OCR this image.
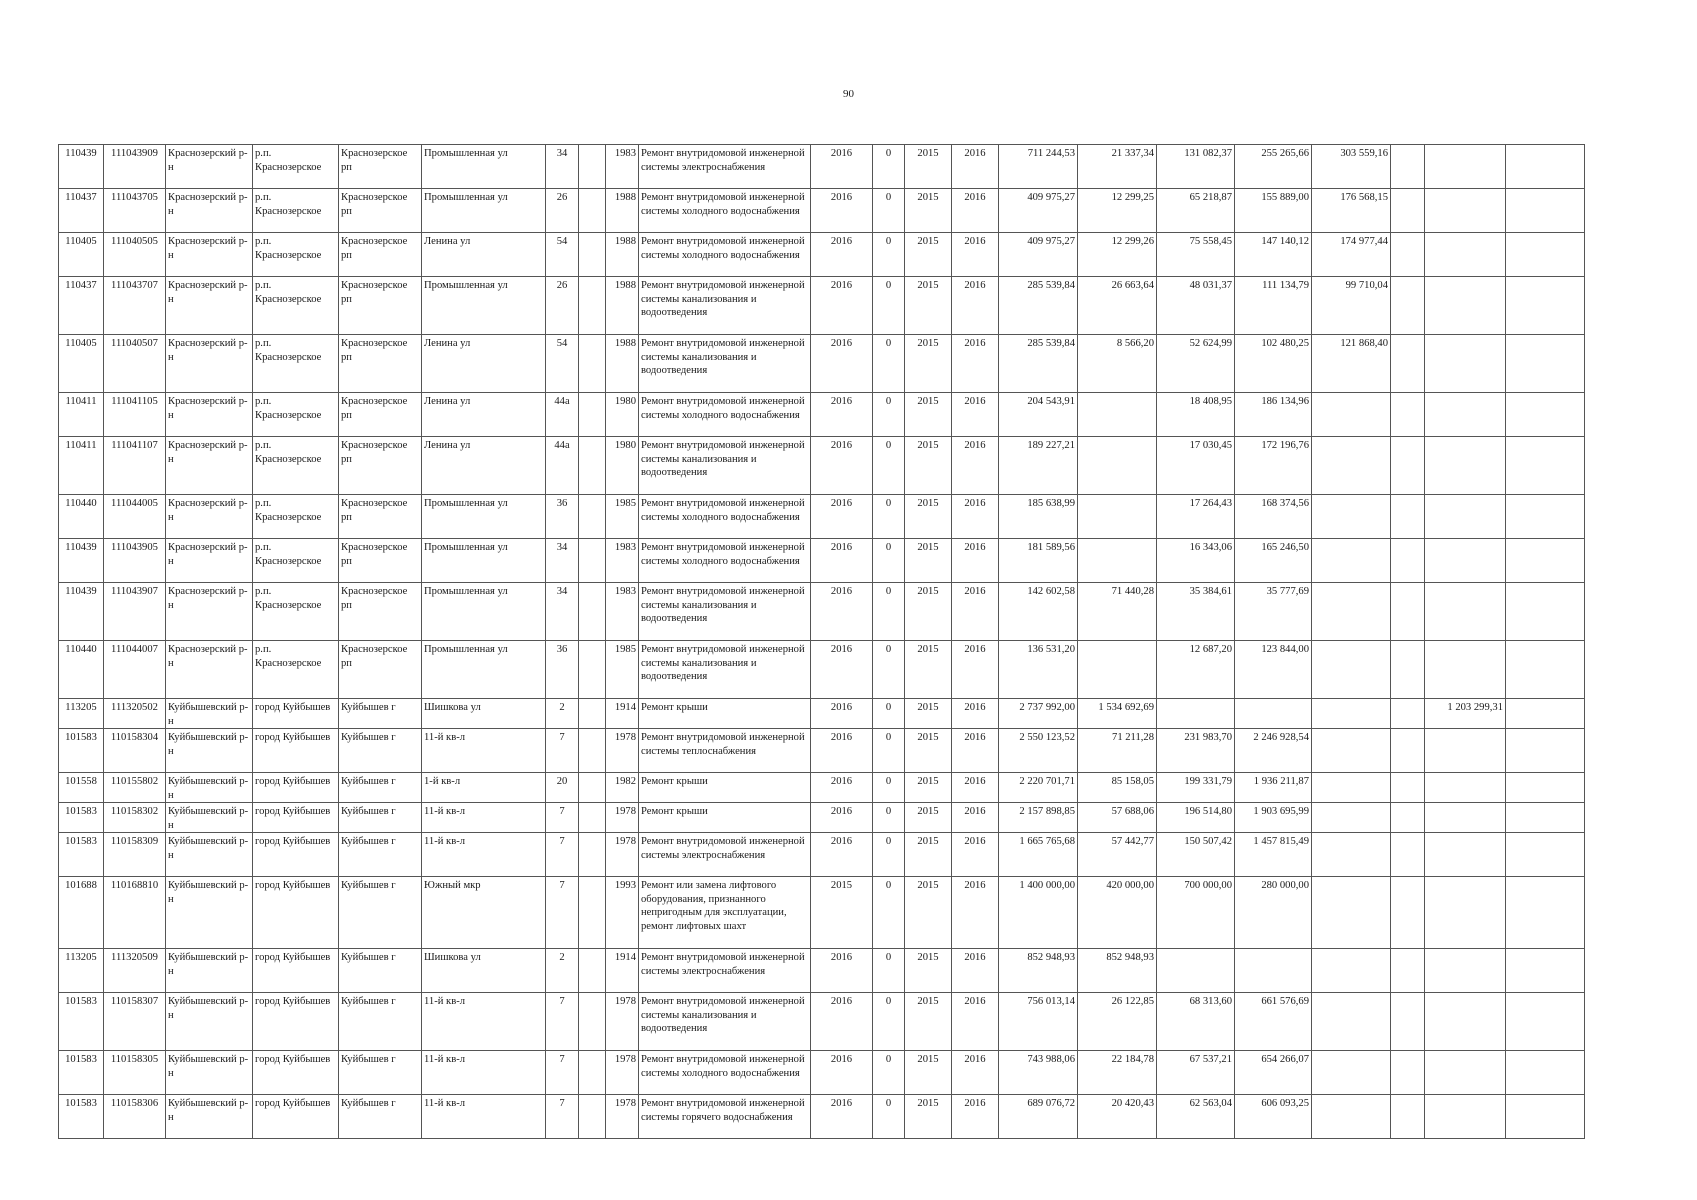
90
110439	111043909	Краснозерский р-н	р.п. Краснозерское	Краснозерское рп	Промышленная ул	34		1983	Ремонт внутридомовой инженерной системы электроснабжения	2016	0	2015	2016	711 244,53	21 337,34	131 082,37	255 265,66	303 559,16			
110437	111043705	Краснозерский р-н	р.п. Краснозерское	Краснозерское рп	Промышленная ул	26		1988	Ремонт внутридомовой инженерной системы холодного водоснабжения	2016	0	2015	2016	409 975,27	12 299,25	65 218,87	155 889,00	176 568,15			
110405	111040505	Краснозерский р-н	р.п. Краснозерское	Краснозерское рп	Ленина ул	54		1988	Ремонт внутридомовой инженерной системы холодного водоснабжения	2016	0	2015	2016	409 975,27	12 299,26	75 558,45	147 140,12	174 977,44			
110437	111043707	Краснозерский р-н	р.п. Краснозерское	Краснозерское рп	Промышленная ул	26		1988	Ремонт внутридомовой инженерной системы канализования и водоотведения	2016	0	2015	2016	285 539,84	26 663,64	48 031,37	111 134,79	99 710,04			
110405	111040507	Краснозерский р-н	р.п. Краснозерское	Краснозерское рп	Ленина ул	54		1988	Ремонт внутридомовой инженерной системы канализования и водоотведения	2016	0	2015	2016	285 539,84	8 566,20	52 624,99	102 480,25	121 868,40			
110411	111041105	Краснозерский р-н	р.п. Краснозерское	Краснозерское рп	Ленина ул	44а		1980	Ремонт внутридомовой инженерной системы холодного водоснабжения	2016	0	2015	2016	204 543,91		18 408,95	186 134,96				
110411	111041107	Краснозерский р-н	р.п. Краснозерское	Краснозерское рп	Ленина ул	44а		1980	Ремонт внутридомовой инженерной системы канализования и водоотведения	2016	0	2015	2016	189 227,21		17 030,45	172 196,76				
110440	111044005	Краснозерский р-н	р.п. Краснозерское	Краснозерское рп	Промышленная ул	36		1985	Ремонт внутридомовой инженерной системы холодного водоснабжения	2016	0	2015	2016	185 638,99		17 264,43	168 374,56				
110439	111043905	Краснозерский р-н	р.п. Краснозерское	Краснозерское рп	Промышленная ул	34		1983	Ремонт внутридомовой инженерной системы холодного водоснабжения	2016	0	2015	2016	181 589,56		16 343,06	165 246,50				
110439	111043907	Краснозерский р-н	р.п. Краснозерское	Краснозерское рп	Промышленная ул	34		1983	Ремонт внутридомовой инженерной системы канализования и водоотведения	2016	0	2015	2016	142 602,58	71 440,28	35 384,61	35 777,69				
110440	111044007	Краснозерский р-н	р.п. Краснозерское	Краснозерское рп	Промышленная ул	36		1985	Ремонт внутридомовой инженерной системы канализования и водоотведения	2016	0	2015	2016	136 531,20		12 687,20	123 844,00				
113205	111320502	Куйбышевский р-н	город Куйбышев	Куйбышев г	Шишкова ул	2		1914	Ремонт крыши	2016	0	2015	2016	2 737 992,00	1 534 692,69					1 203 299,31	
101583	110158304	Куйбышевский р-н	город Куйбышев	Куйбышев г	11-й кв-л	7		1978	Ремонт внутридомовой инженерной системы теплоснабжения	2016	0	2015	2016	2 550 123,52	71 211,28	231 983,70	2 246 928,54				
101558	110155802	Куйбышевский р-н	город Куйбышев	Куйбышев г	1-й кв-л	20		1982	Ремонт крыши	2016	0	2015	2016	2 220 701,71	85 158,05	199 331,79	1 936 211,87				
101583	110158302	Куйбышевский р-н	город Куйбышев	Куйбышев г	11-й кв-л	7		1978	Ремонт крыши	2016	0	2015	2016	2 157 898,85	57 688,06	196 514,80	1 903 695,99				
101583	110158309	Куйбышевский р-н	город Куйбышев	Куйбышев г	11-й кв-л	7		1978	Ремонт внутридомовой инженерной системы электроснабжения	2016	0	2015	2016	1 665 765,68	57 442,77	150 507,42	1 457 815,49				
101688	110168810	Куйбышевский р-н	город Куйбышев	Куйбышев г	Южный мкр	7		1993	Ремонт или замена лифтового оборудования, признанного непригодным для эксплуатации, ремонт лифтовых шахт	2015	0	2015	2016	1 400 000,00	420 000,00	700 000,00	280 000,00				
113205	111320509	Куйбышевский р-н	город Куйбышев	Куйбышев г	Шишкова ул	2		1914	Ремонт внутридомовой инженерной системы электроснабжения	2016	0	2015	2016	852 948,93	852 948,93						
101583	110158307	Куйбышевский р-н	город Куйбышев	Куйбышев г	11-й кв-л	7		1978	Ремонт внутридомовой инженерной системы канализования и водоотведения	2016	0	2015	2016	756 013,14	26 122,85	68 313,60	661 576,69				
101583	110158305	Куйбышевский р-н	город Куйбышев	Куйбышев г	11-й кв-л	7		1978	Ремонт внутридомовой инженерной системы холодного водоснабжения	2016	0	2015	2016	743 988,06	22 184,78	67 537,21	654 266,07				
101583	110158306	Куйбышевский р-н	город Куйбышев	Куйбышев г	11-й кв-л	7		1978	Ремонт внутридомовой инженерной системы горячего водоснабжения	2016	0	2015	2016	689 076,72	20 420,43	62 563,04	606 093,25				
